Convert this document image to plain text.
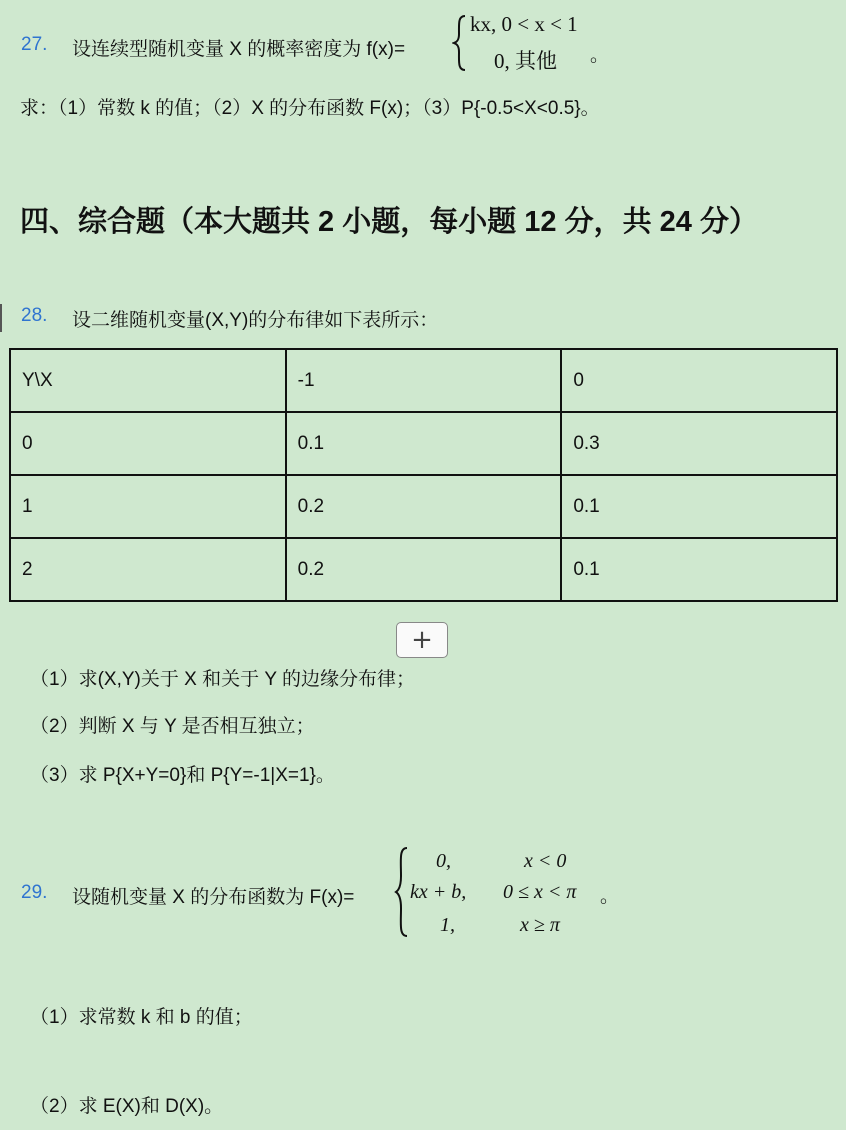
27. 设连续型随机变量 X 的概率密度为 f(x)=
kx, 0 < x < 1
0, 其他 。
求：（1）常数 k 的值；（2）X 的分布函数 F(x)；（3）P{-0.5<X<0.5}。
四、综合题（本大题共 2 小题，每小题 12 分，共 24 分）
28. 设二维随机变量(X,Y)的分布律如下表所示：
Y\X	-1	0
0	0.1	0.3
1	0.2	0.1
2	0.2	0.1
+
（1）求(X,Y)关于 X 和关于 Y 的边缘分布律；
（2）判断 X 与 Y 是否相互独立；
（3）求 P{X+Y=0}和 P{Y=-1|X=1}。
29. 设随机变量 X 的分布函数为 F(x)=
0,	x < 0
kx + b, 0 ≤ x < π 。
1,	x ≥ π
（1）求常数 k 和 b 的值；
（2）求 E(X)和 D(X)。
